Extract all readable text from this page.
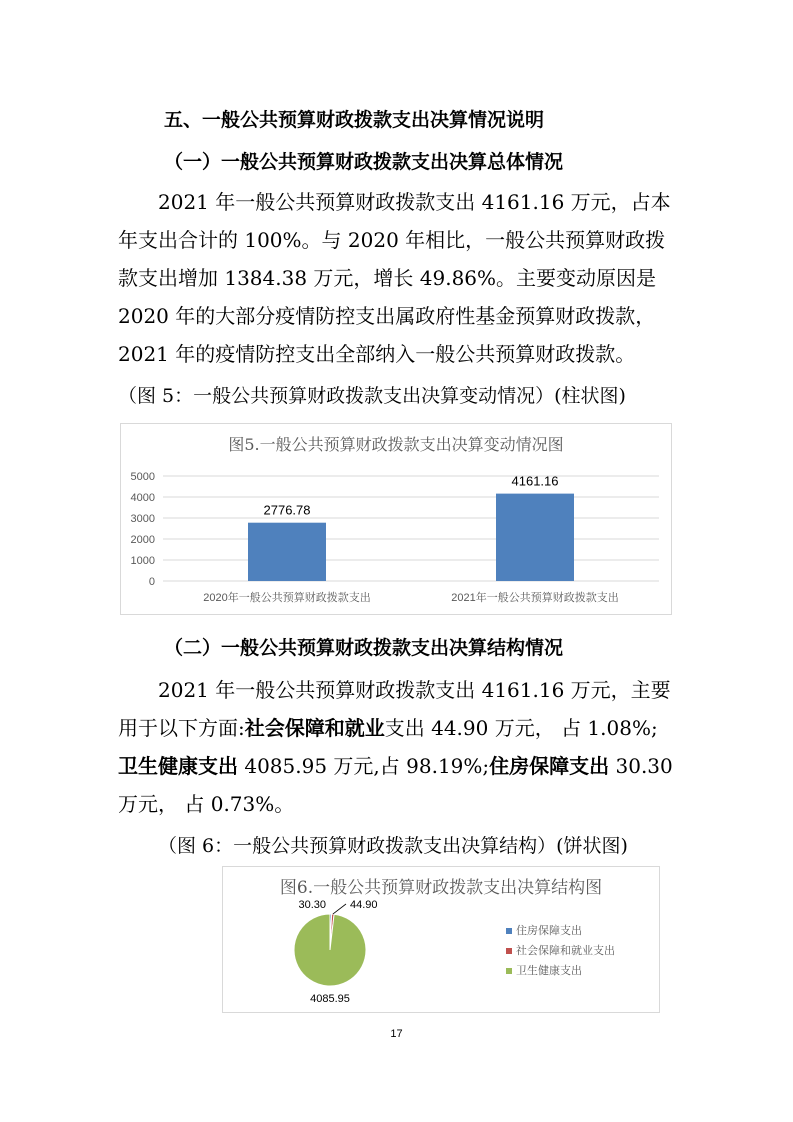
五、一般公共预算财政拨款支出决算情况说明
（一）一般公共预算财政拨款支出决算总体情况
2021 年一般公共预算财政拨款支出 4161.16 万元，占本
年支出合计的 100%。与 2020 年相比，一般公共预算财政拨
款支出增加 1384.38 万元，增长 49.86%。主要变动原因是
2020 年的大部分疫情防控支出属政府性基金预算财政拨款，
2021 年的疫情防控支出全部纳入一般公共预算财政拨款。
（图 5：一般公共预算财政拨款支出决算变动情况）(柱状图)
图5.一般公共预算财政拨款支出决算变动情况图
0
1000
2000
3000
4000
5000
2776.78
2020年一般公共预算财政拨款支出
4161.16
2021年一般公共预算财政拨款支出
（二）一般公共预算财政拨款支出决算结构情况
2021 年一般公共预算财政拨款支出 4161.16 万元，主要
用于以下方面:社会保障和就业支出 44.90 万元， 占 1.08%;
卫生健康支出 4085.95 万元,占 98.19%;住房保障支出 30.30
万元， 占 0.73%。
（图 6：一般公共预算财政拨款支出决算结构）(饼状图)
图6.一般公共预算财政拨款支出决算结构图
30.30 44.90
4085.95
住房保障支出
社会保障和就业支出
卫生健康支出
17
